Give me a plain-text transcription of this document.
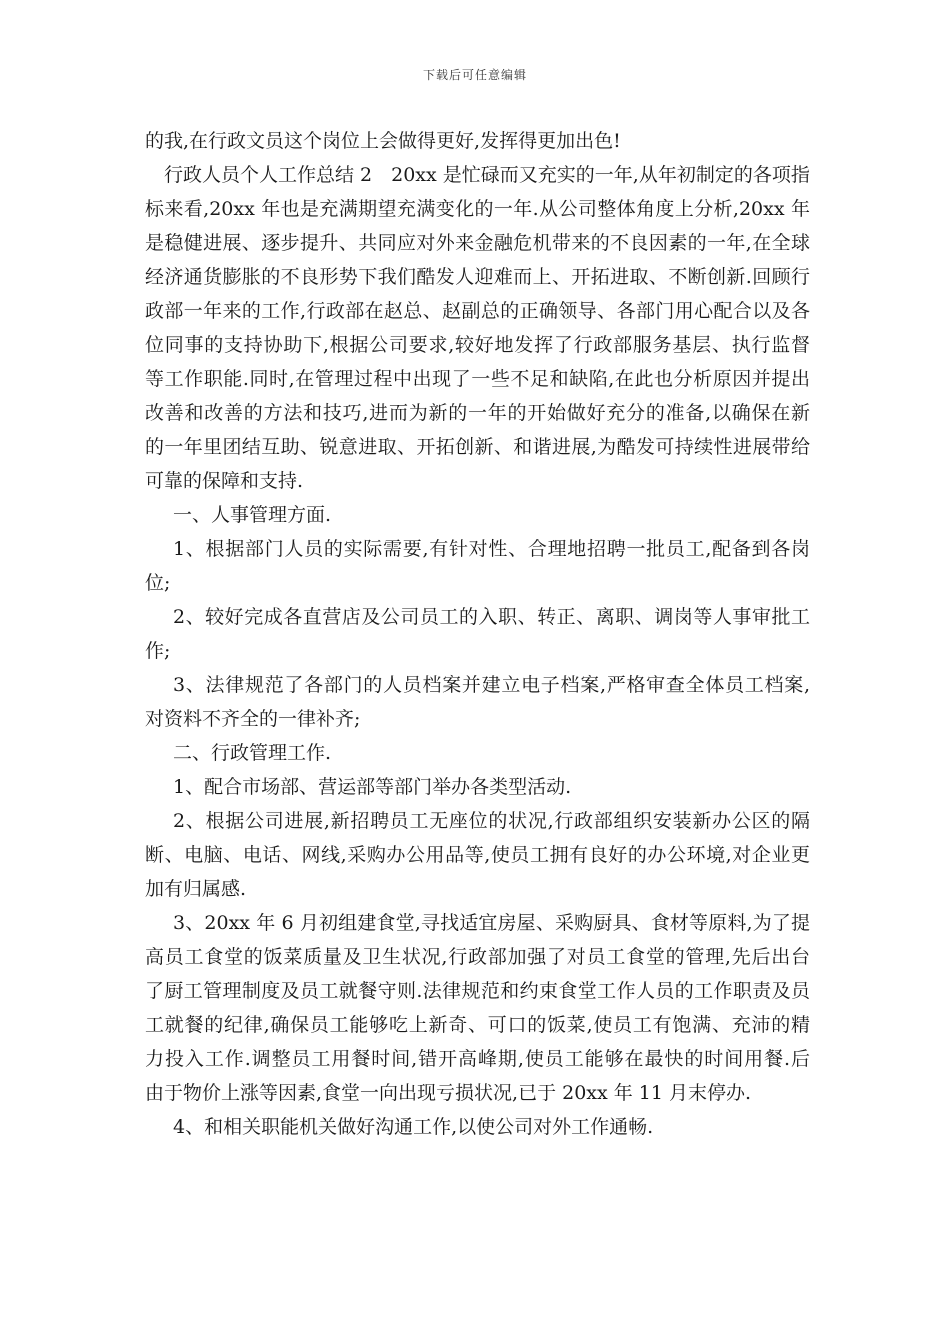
下载后可任意编辑
的我,在行政文员这个岗位上会做得更好,发挥得更加出色!
行政人员个人工作总结 2　20xx 是忙碌而又充实的一年,从年初制定的各项指
标来看,20xx 年也是充满期望充满变化的一年.从公司整体角度上分析,20xx 年
是稳健进展、逐步提升、共同应对外来金融危机带来的不良因素的一年,在全球
经济通货膨胀的不良形势下我们酷发人迎难而上、开拓进取、不断创新.回顾行
政部一年来的工作,行政部在赵总、赵副总的正确领导、各部门用心配合以及各
位同事的支持协助下,根据公司要求,较好地发挥了行政部服务基层、执行监督
等工作职能.同时,在管理过程中出现了一些不足和缺陷,在此也分析原因并提出
改善和改善的方法和技巧,进而为新的一年的开始做好充分的准备,以确保在新
的一年里团结互助、锐意进取、开拓创新、和谐进展,为酷发可持续性进展带给
可靠的保障和支持.
一、人事管理方面.
1、根据部门人员的实际需要,有针对性、合理地招聘一批员工,配备到各岗
位;
2、较好完成各直营店及公司员工的入职、转正、离职、调岗等人事审批工
作;
3、法律规范了各部门的人员档案并建立电子档案,严格审查全体员工档案,
对资料不齐全的一律补齐;
二、行政管理工作.
1、配合市场部、营运部等部门举办各类型活动.
2、根据公司进展,新招聘员工无座位的状况,行政部组织安装新办公区的隔
断、电脑、电话、网线,采购办公用品等,使员工拥有良好的办公环境,对企业更
加有归属感.
3、20xx 年 6 月初组建食堂,寻找适宜房屋、采购厨具、食材等原料,为了提
高员工食堂的饭菜质量及卫生状况,行政部加强了对员工食堂的管理,先后出台
了厨工管理制度及员工就餐守则.法律规范和约束食堂工作人员的工作职责及员
工就餐的纪律,确保员工能够吃上新奇、可口的饭菜,使员工有饱满、充沛的精
力投入工作.调整员工用餐时间,错开高峰期,使员工能够在最快的时间用餐.后
由于物价上涨等因素,食堂一向出现亏损状况,已于 20xx 年 11 月末停办.
4、和相关职能机关做好沟通工作,以使公司对外工作通畅.
